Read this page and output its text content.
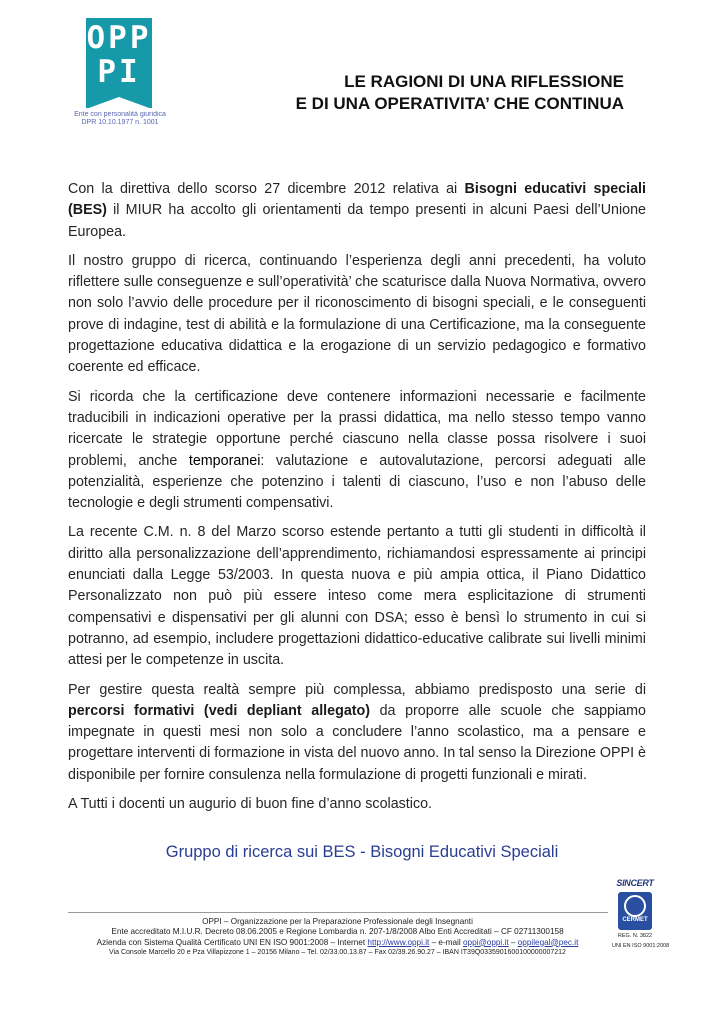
OPP
PI
Ente con personalità giuridica DPR 10.10.1977 n. 1001
LE RAGIONI DI UNA RIFLESSIONE
E DI UNA OPERATIVITA’ CHE CONTINUA

Con la direttiva dello scorso 27 dicembre 2012 relativa ai Bisogni educativi speciali (BES) il MIUR ha accolto gli orientamenti da tempo presenti in alcuni Paesi dell’Unione Europea.

Il nostro gruppo di ricerca, continuando l’esperienza degli anni precedenti, ha voluto riflettere sulle conseguenze e sull’operatività’ che scaturisce dalla Nuova Normativa, ovvero non solo l’avvio delle procedure per il riconoscimento di bisogni speciali, e le conseguenti prove di indagine, test di abilità e la formulazione di una Certificazione, ma la conseguente progettazione educativa didattica e la erogazione di un servizio pedagogico e formativo coerente ed efficace.

Si ricorda che la certificazione deve contenere informazioni necessarie e facilmente traducibili in indicazioni operative per la prassi didattica, ma nello stesso tempo vanno ricercate le strategie opportune perché ciascuno nella classe possa risolvere i suoi problemi, anche temporanei: valutazione e autovalutazione, percorsi adeguati alle potenzialità, esperienze che potenzino i talenti di ciascuno, l’uso e non l’abuso delle tecnologie e degli strumenti compensativi.

La recente C.M. n. 8 del Marzo scorso estende pertanto a tutti gli studenti in difficoltà il diritto alla personalizzazione dell’apprendimento, richiamandosi espressamente ai principi enunciati dalla Legge 53/2003. In questa nuova e più ampia ottica, il Piano Didattico Personalizzato non può più essere inteso come mera esplicitazione di strumenti compensativi e dispensativi per gli alunni con DSA; esso è bensì lo strumento in cui si potranno, ad esempio, includere progettazioni didattico-educative calibrate sui livelli minimi attesi per le competenze in uscita.

Per gestire questa realtà sempre più complessa, abbiamo predisposto una serie di percorsi formativi (vedi depliant allegato) da proporre alle scuole che sappiamo impegnate in questi mesi non solo a concludere l’anno scolastico, ma a pensare e progettare interventi di formazione in vista del nuovo anno. In tal senso la Direzione OPPI è disponibile per fornire consulenza nella formulazione di progetti funzionali e mirati.

A Tutti i docenti un augurio di buon fine d’anno scolastico.

Gruppo di ricerca sui BES - Bisogni Educativi Speciali
OPPI – Organizzazione per la Preparazione Professionale degli Insegnanti
Ente accreditato M.I.U.R. Decreto 08.06.2005 e Regione Lombardia n. 207-1/8/2008 Albo Enti Accreditati – CF 02711300158
Azienda con Sistema Qualità Certificato UNI EN ISO 9001:2008 – Internet http://www.oppi.it – e-mail oppi@oppi.it – oppilegal@pec.it
Via Console Marcello 20 e Pza Villapizzone 1 – 20156 Milano – Tel. 02/33.00.13.87 – Fax 02/39.26.90.27 – IBAN IT39Q0335901600100000007212
SINCERT
CERMET
REG. N. 3822
UNI EN ISO 9001:2008
